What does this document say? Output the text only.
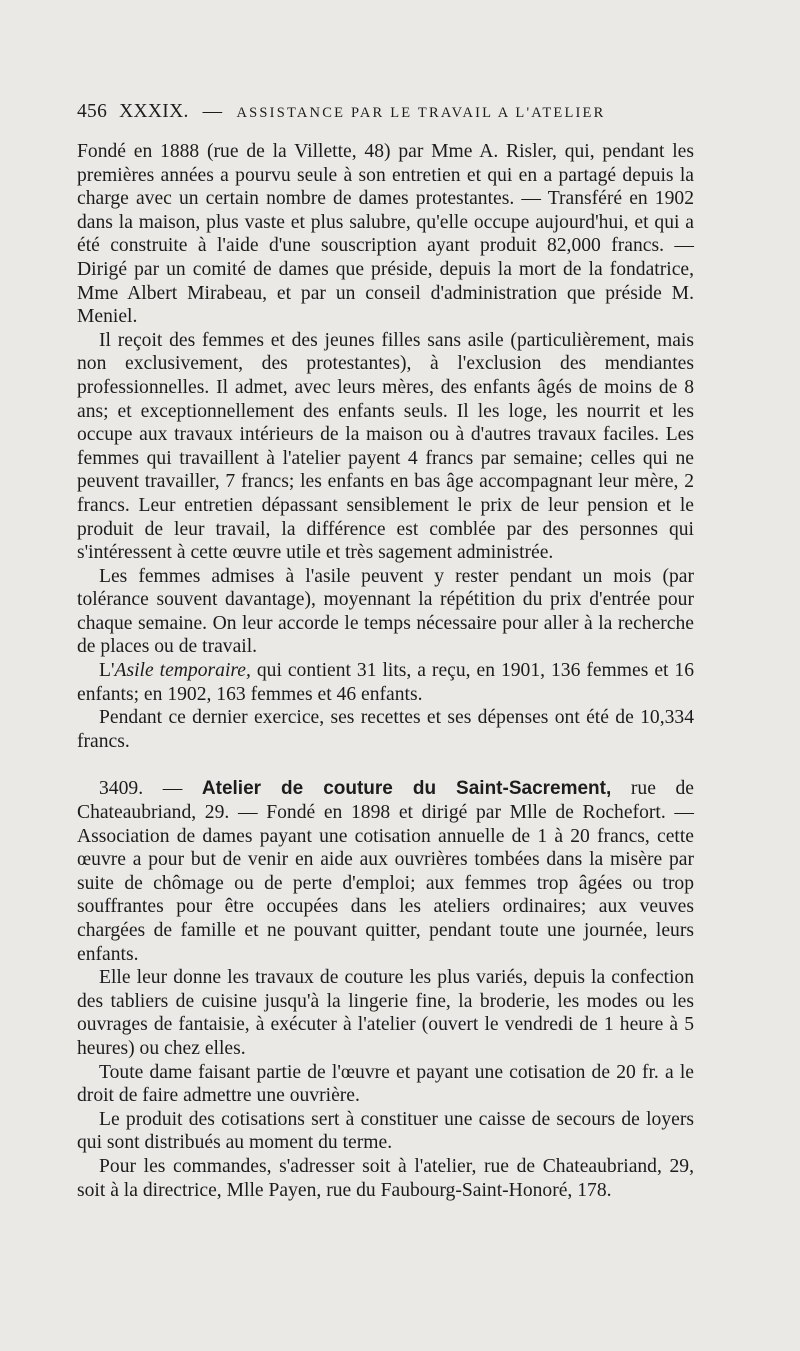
456 XXXIX. — ASSISTANCE PAR LE TRAVAIL A L'ATELIER

Fondé en 1888 (rue de la Villette, 48) par Mme A. Risler, qui, pendant les premières années a pourvu seule à son entretien et qui en a partagé depuis la charge avec un certain nombre de dames protestantes. — Transféré en 1902 dans la maison, plus vaste et plus salubre, qu'elle occupe aujourd'hui, et qui a été construite à l'aide d'une souscription ayant produit 82,000 francs. — Dirigé par un comité de dames que préside, depuis la mort de la fondatrice, Mme Albert Mirabeau, et par un conseil d'administration que préside M. Meniel.

Il reçoit des femmes et des jeunes filles sans asile (particulièrement, mais non exclusivement, des protestantes), à l'exclusion des mendiantes professionnelles. Il admet, avec leurs mères, des enfants âgés de moins de 8 ans; et exceptionnellement des enfants seuls. Il les loge, les nourrit et les occupe aux travaux intérieurs de la maison ou à d'autres travaux faciles. Les femmes qui travaillent à l'atelier payent 4 francs par semaine; celles qui ne peuvent travailler, 7 francs; les enfants en bas âge accompagnant leur mère, 2 francs. Leur entretien dépassant sensiblement le prix de leur pension et le produit de leur travail, la différence est comblée par des personnes qui s'intéressent à cette œuvre utile et très sagement administrée.

Les femmes admises à l'asile peuvent y rester pendant un mois (par tolérance souvent davantage), moyennant la répétition du prix d'entrée pour chaque semaine. On leur accorde le temps nécessaire pour aller à la recherche de places ou de travail.

L'Asile temporaire, qui contient 31 lits, a reçu, en 1901, 136 femmes et 16 enfants; en 1902, 163 femmes et 46 enfants.

Pendant ce dernier exercice, ses recettes et ses dépenses ont été de 10,334 francs.

3409. — Atelier de couture du Saint-Sacrement, rue de Chateaubriand, 29. — Fondé en 1898 et dirigé par Mlle de Rochefort. — Association de dames payant une cotisation annuelle de 1 à 20 francs, cette œuvre a pour but de venir en aide aux ouvrières tombées dans la misère par suite de chômage ou de perte d'emploi; aux femmes trop âgées ou trop souffrantes pour être occupées dans les ateliers ordinaires; aux veuves chargées de famille et ne pouvant quitter, pendant toute une journée, leurs enfants.

Elle leur donne les travaux de couture les plus variés, depuis la confection des tabliers de cuisine jusqu'à la lingerie fine, la broderie, les modes ou les ouvrages de fantaisie, à exécuter à l'atelier (ouvert le vendredi de 1 heure à 5 heures) ou chez elles.

Toute dame faisant partie de l'œuvre et payant une cotisation de 20 fr. a le droit de faire admettre une ouvrière.

Le produit des cotisations sert à constituer une caisse de secours de loyers qui sont distribués au moment du terme.

Pour les commandes, s'adresser soit à l'atelier, rue de Chateaubriand, 29, soit à la directrice, Mlle Payen, rue du Faubourg-Saint-Honoré, 178.
